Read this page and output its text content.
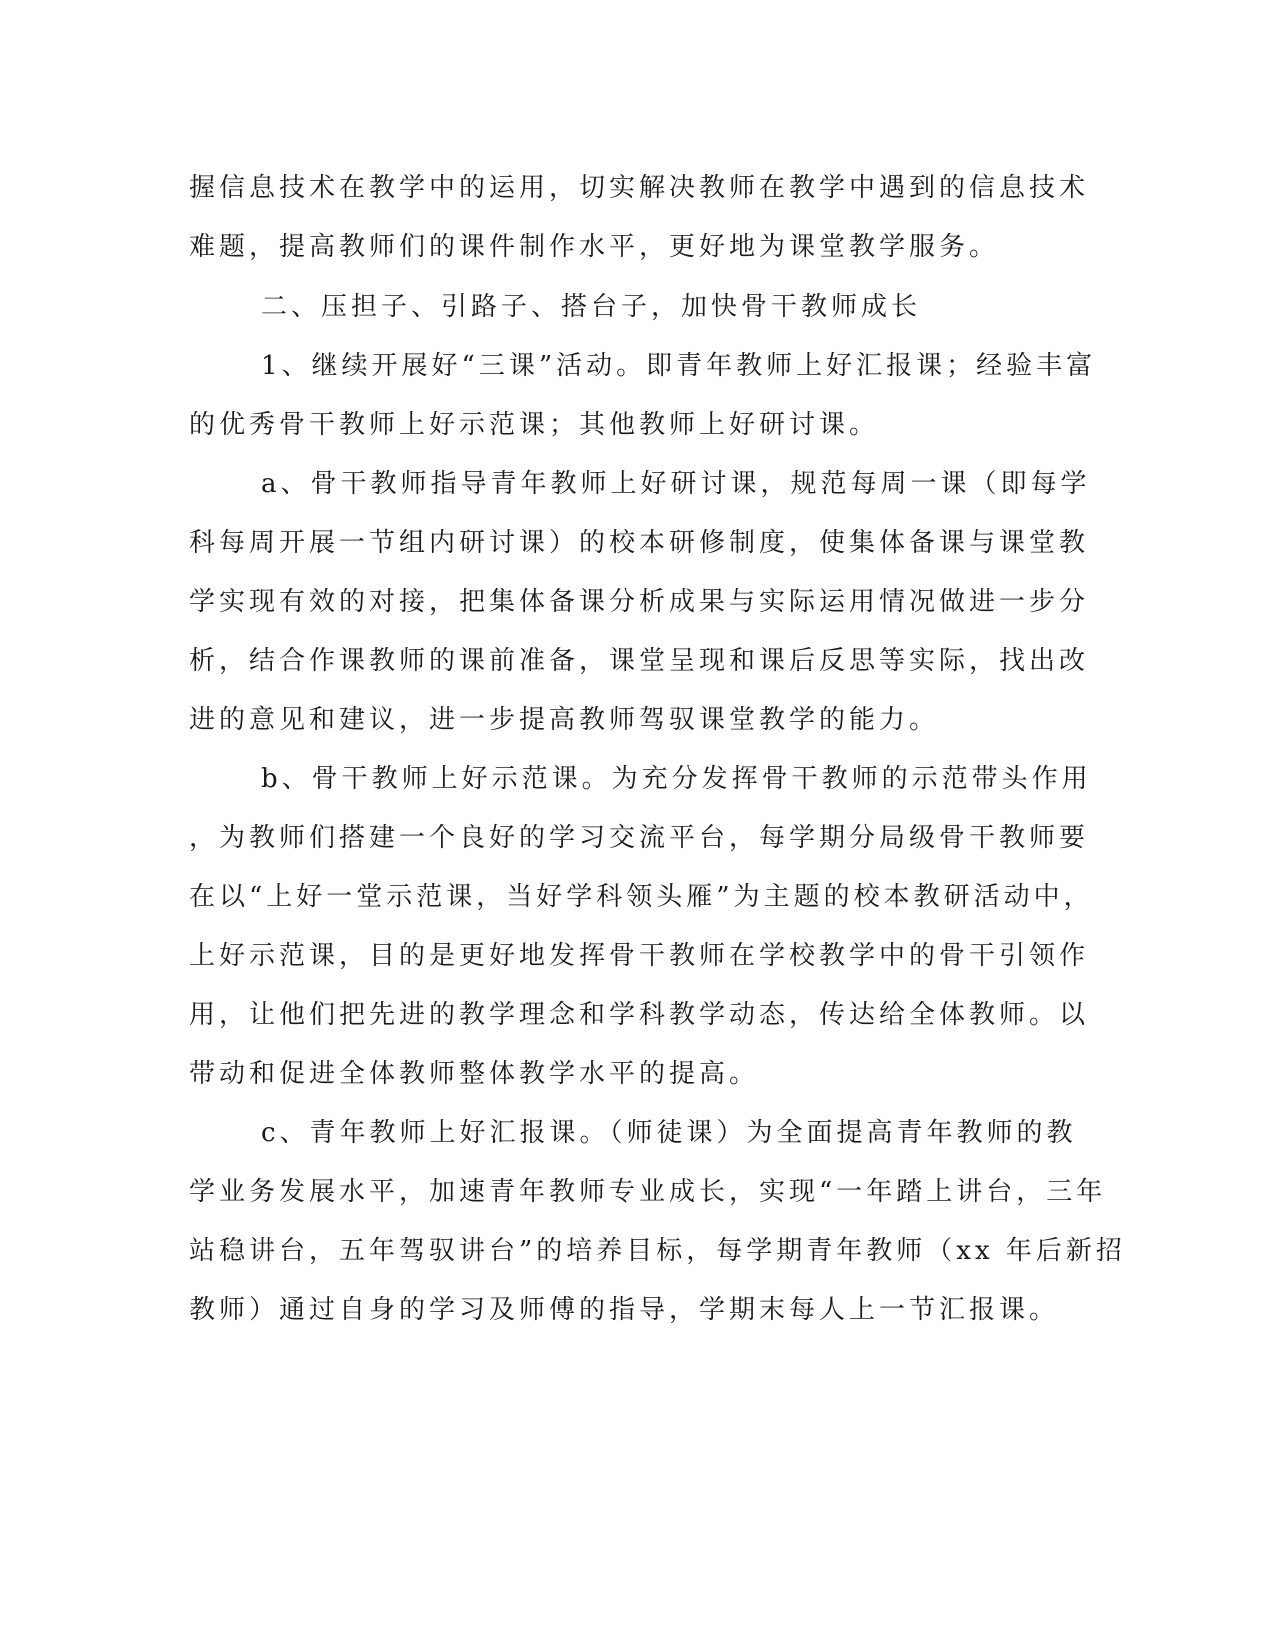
握信息技术在教学中的运用，切实解决教师在教学中遇到的信息技术

难题，提高教师们的课件制作水平，更好地为课堂教学服务。

二、压担子、引路子、搭台子，加快骨干教师成长

1、继续开展好“三课”活动。即青年教师上好汇报课；经验丰富

的优秀骨干教师上好示范课；其他教师上好研讨课。

a、骨干教师指导青年教师上好研讨课，规范每周一课（即每学

科每周开展一节组内研讨课）的校本研修制度，使集体备课与课堂教

学实现有效的对接，把集体备课分析成果与实际运用情况做进一步分

析，结合作课教师的课前准备，课堂呈现和课后反思等实际，找出改

进的意见和建议，进一步提高教师驾驭课堂教学的能力。

b、骨干教师上好示范课。为充分发挥骨干教师的示范带头作用

，为教师们搭建一个良好的学习交流平台，每学期分局级骨干教师要

在以“上好一堂示范课，当好学科领头雁”为主题的校本教研活动中，

上好示范课，目的是更好地发挥骨干教师在学校教学中的骨干引领作

用，让他们把先进的教学理念和学科教学动态，传达给全体教师。以

带动和促进全体教师整体教学水平的提高。

c、青年教师上好汇报课。（师徒课）为全面提高青年教师的教

学业务发展水平，加速青年教师专业成长，实现“一年踏上讲台，三年

站稳讲台，五年驾驭讲台”的培养目标，每学期青年教师（xx 年后新招

教师）通过自身的学习及师傅的指导，学期末每人上一节汇报课。
